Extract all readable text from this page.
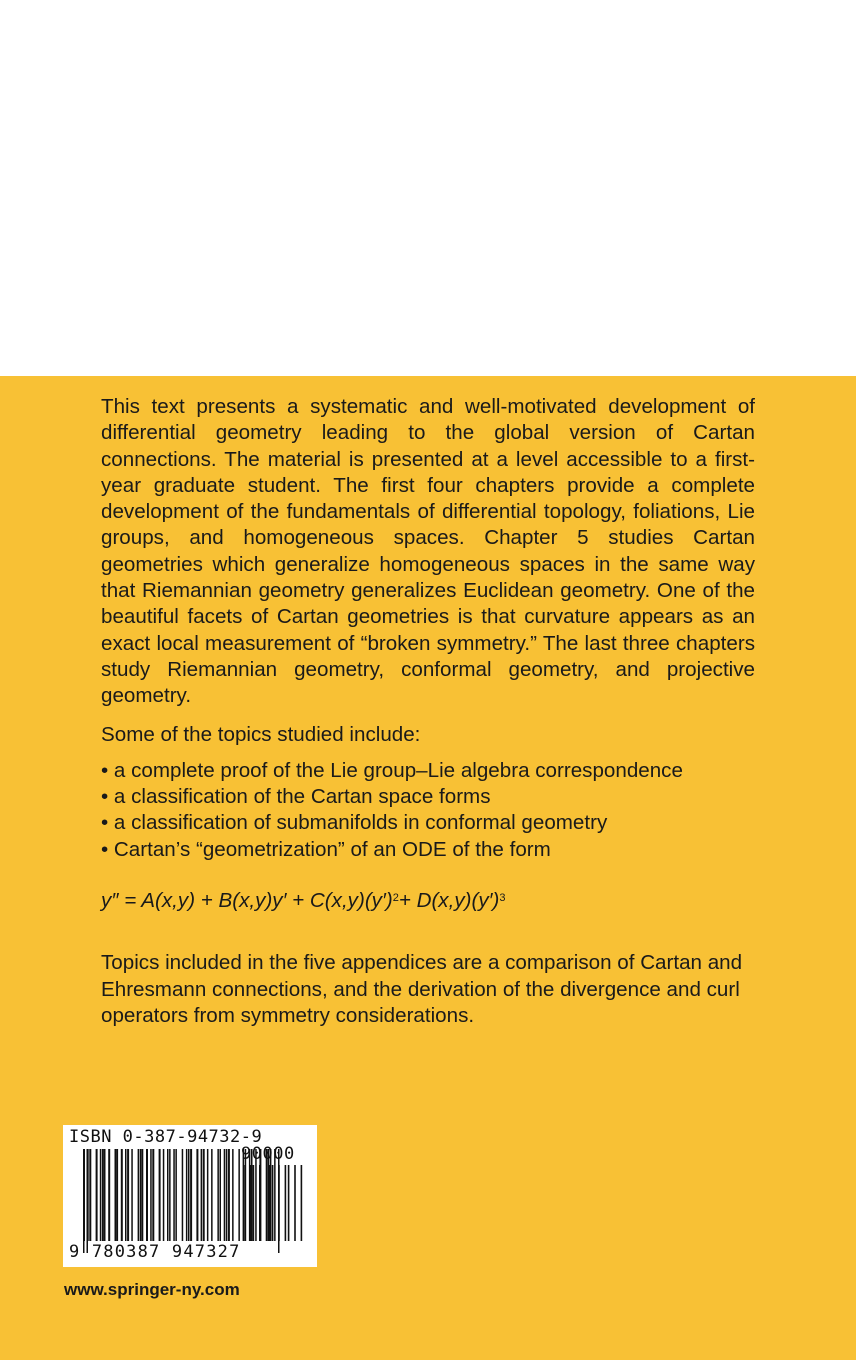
This text presents a systematic and well-motivated development of differential geometry leading to the global version of Cartan connections. The material is presented at a level accessible to a first-year graduate student. The first four chapters provide a complete development of the fundamentals of differential topology, foliations, Lie groups, and homogeneous spaces. Chapter 5 studies Cartan geometries which generalize homogeneous spaces in the same way that Riemannian geometry generalizes Euclidean geometry. One of the beautiful facets of Cartan geometries is that curvature appears as an exact local measurement of “broken symmetry.” The last three chapters study Riemannian geometry, conformal geometry, and projective geometry.

Some of the topics studied include:

• a complete proof of the Lie group–Lie algebra correspondence

• a classification of the Cartan space forms

• a classification of submanifolds in conformal geometry

• Cartan’s “geometrization” of an ODE of the form

$y'' = A(x,y) + B(x,y)y' + C(x,y)(y')^2+ D(x,y)(y')^3$

Topics included in the five appendices are a comparison of Cartan and Ehresmann connections, and the derivation of the divergence and curl operators from symmetry considerations.

ISBN 0-387-94732-9
90000
9 780387 947327
www.springer-ny.com
